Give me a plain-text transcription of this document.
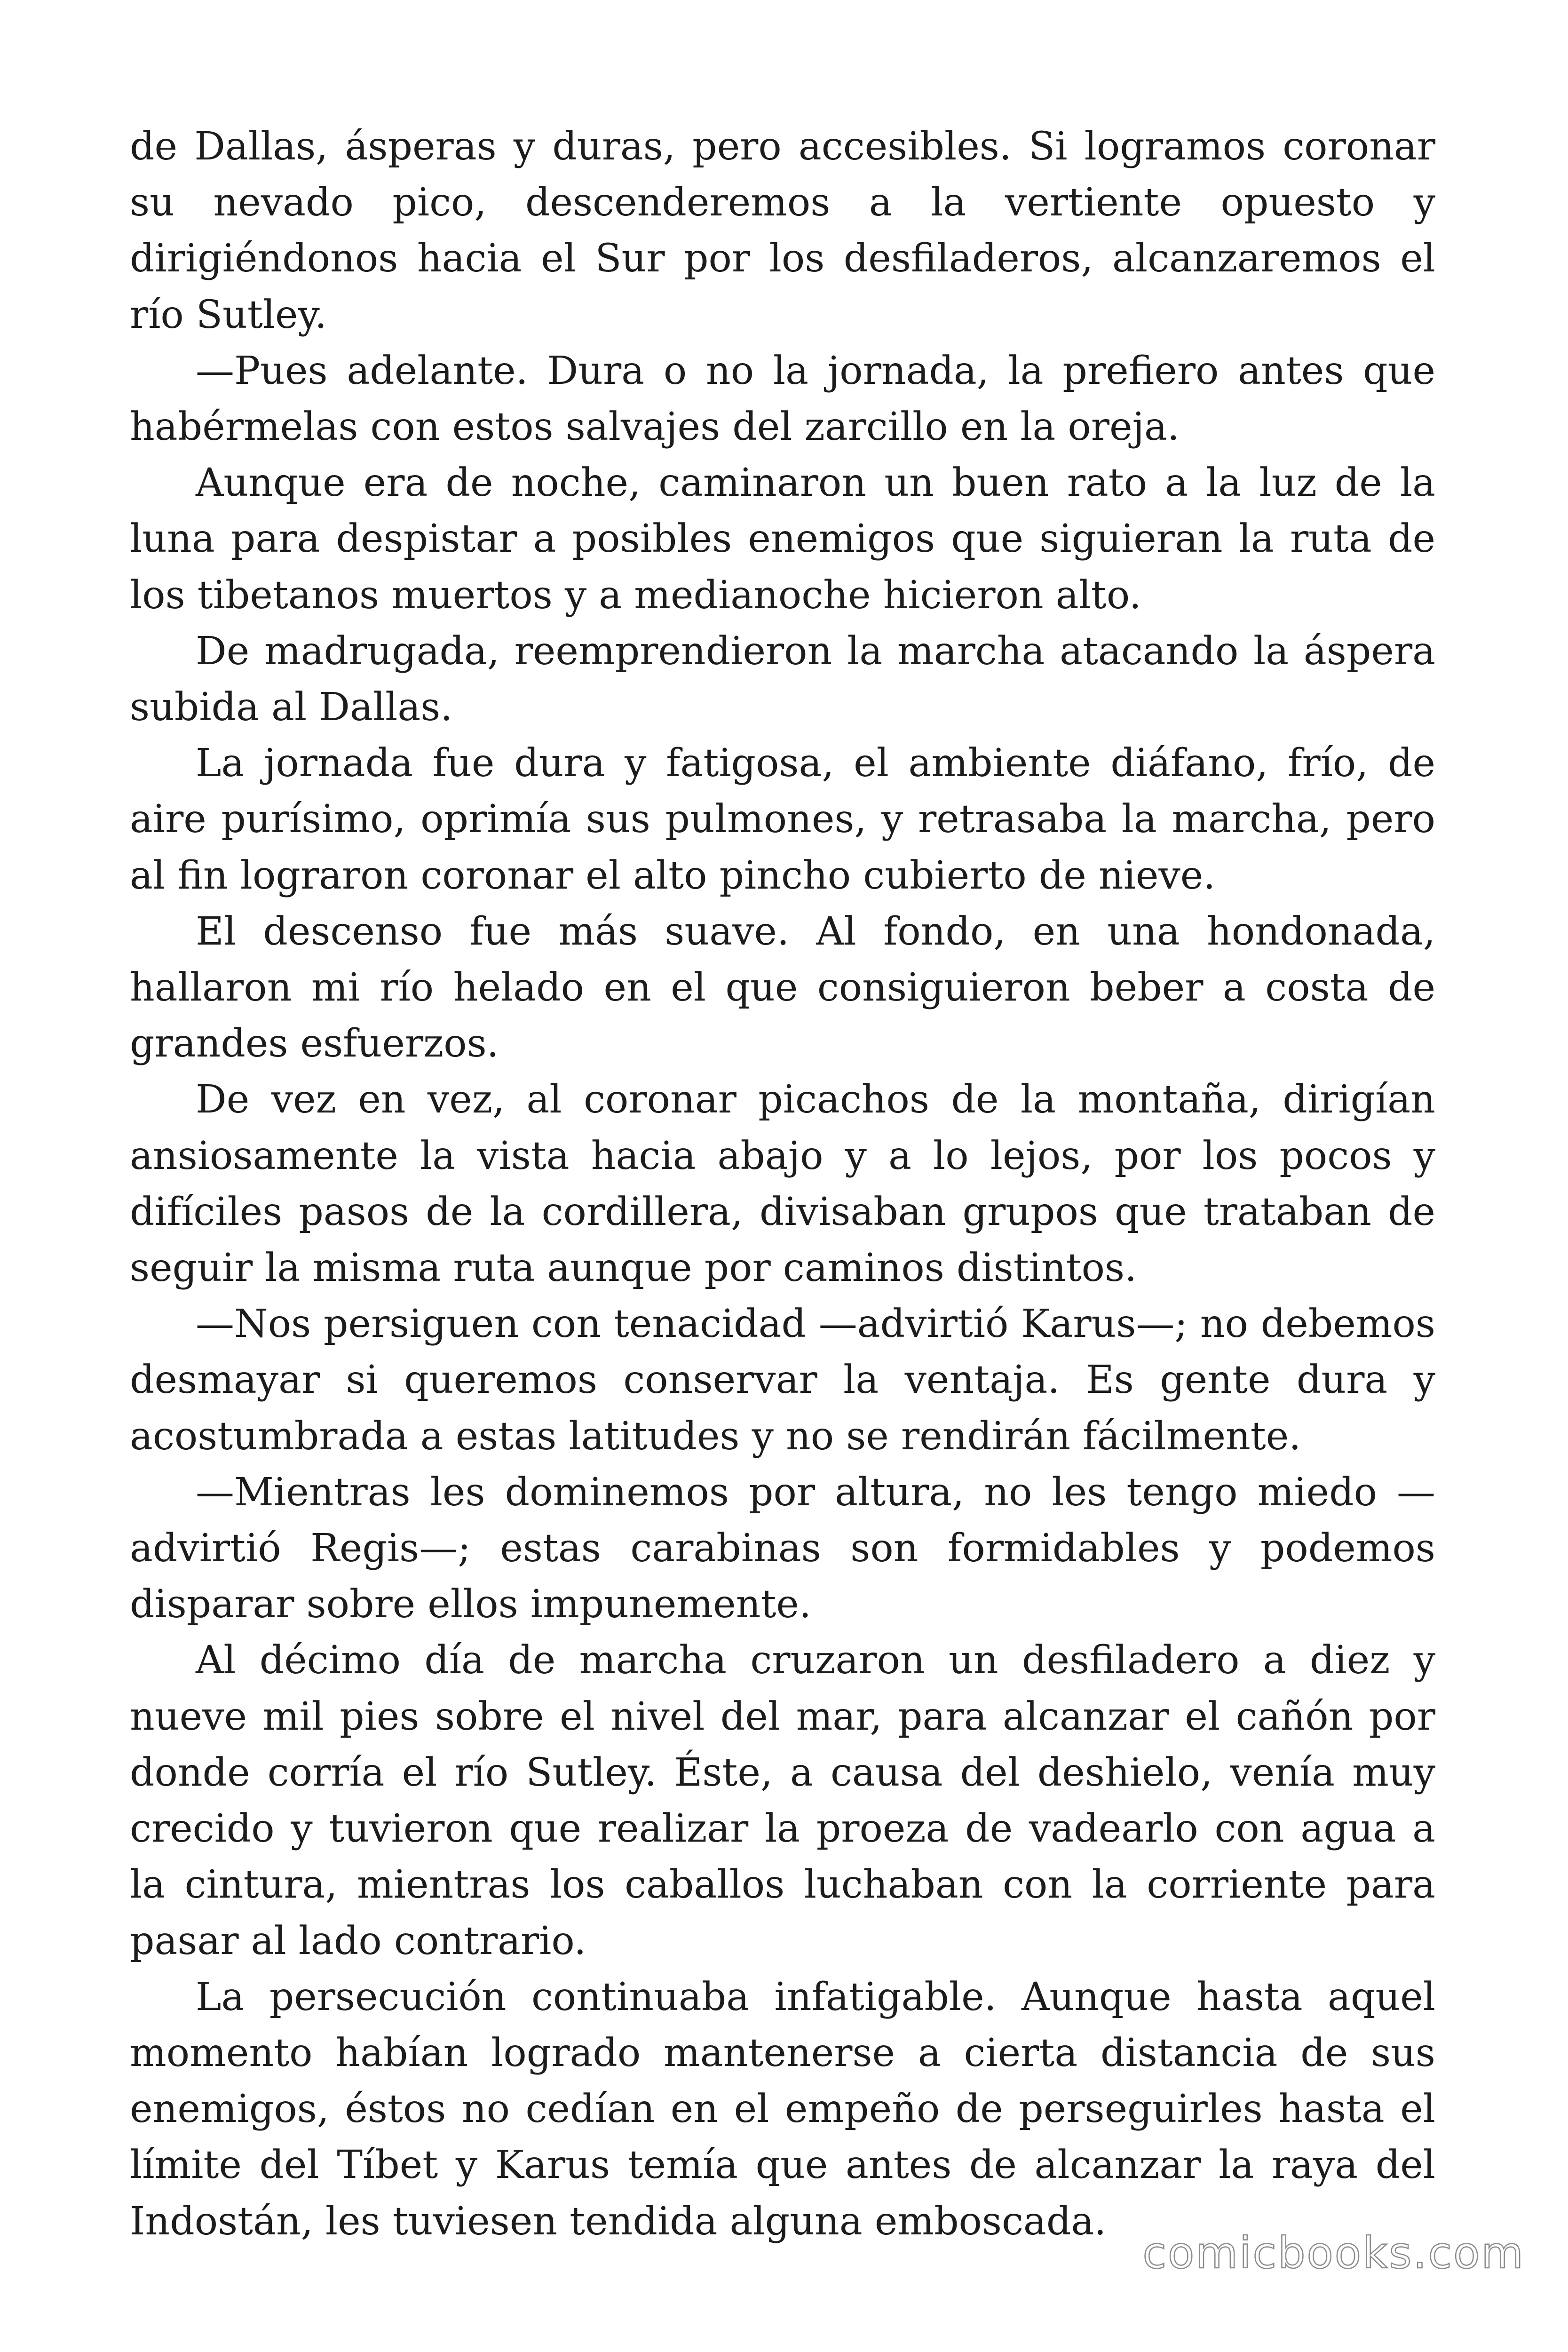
de Dallas, ásperas y duras, pero accesibles. Si logramos coronar su nevado pico, descenderemos a la vertiente opuesto y dirigiéndonos hacia el Sur por los desfiladeros, alcanzaremos el río Sutley.

—Pues adelante. Dura o no la jornada, la prefiero antes que habérmelas con estos salvajes del zarcillo en la oreja.

Aunque era de noche, caminaron un buen rato a la luz de la luna para despistar a posibles enemigos que siguieran la ruta de los tibetanos muertos y a medianoche hicieron alto.

De madrugada, reemprendieron la marcha atacando la áspera subida al Dallas.

La jornada fue dura y fatigosa, el ambiente diáfano, frío, de aire purísimo, oprimía sus pulmones, y retrasaba la marcha, pero al fin lograron coronar el alto pincho cubierto de nieve.

El descenso fue más suave. Al fondo, en una hondonada, hallaron mi río helado en el que consiguieron beber a costa de grandes esfuerzos.

De vez en vez, al coronar picachos de la montaña, dirigían ansiosamente la vista hacia abajo y a lo lejos, por los pocos y difíciles pasos de la cordillera, divisaban grupos que trataban de seguir la misma ruta aunque por caminos distintos.

—Nos persiguen con tenacidad —advirtió Karus—; no debemos desmayar si queremos conservar la ventaja. Es gente dura y acostumbrada a estas latitudes y no se rendirán fácilmente.

—Mientras les dominemos por altura, no les tengo miedo —advirtió Regis—; estas carabinas son formidables y podemos disparar sobre ellos impunemente.

Al décimo día de marcha cruzaron un desfiladero a diez y nueve mil pies sobre el nivel del mar, para alcanzar el cañón por donde corría el río Sutley. Éste, a causa del deshielo, venía muy crecido y tuvieron que realizar la proeza de vadearlo con agua a la cintura, mientras los caballos luchaban con la corriente para pasar al lado contrario.

La persecución continuaba infatigable. Aunque hasta aquel momento habían logrado mantenerse a cierta distancia de sus enemigos, éstos no cedían en el empeño de perseguirles hasta el límite del Tíbet y Karus temía que antes de alcanzar la raya del Indostán, les tuviesen tendida alguna emboscada.

comicbooks.com
